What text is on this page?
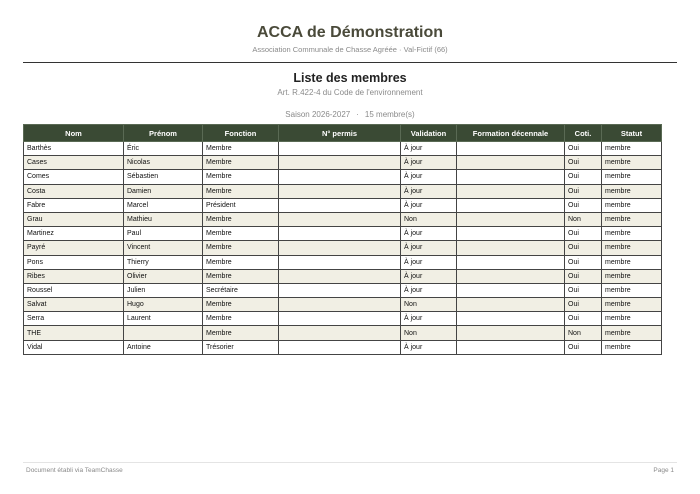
ACCA de Démonstration
Association Communale de Chasse Agréée · Val-Fictif (66)
Liste des membres
Art. R.422-4 du Code de l'environnement
Saison 2026-2027 · 15 membre(s)
Nom	Prénom	Fonction	N° permis	Validation	Formation décennale	Coti.	Statut
Barthès	Éric	Membre		À jour		Oui	membre
Cases	Nicolas	Membre		À jour		Oui	membre
Comes	Sébastien	Membre		À jour		Oui	membre
Costa	Damien	Membre		À jour		Oui	membre
Fabre	Marcel	Président		À jour		Oui	membre
Grau	Mathieu	Membre		Non		Non	membre
Martinez	Paul	Membre		À jour		Oui	membre
Payré	Vincent	Membre		À jour		Oui	membre
Pons	Thierry	Membre		À jour		Oui	membre
Ribes	Olivier	Membre		À jour		Oui	membre
Roussel	Julien	Secrétaire		À jour		Oui	membre
Salvat	Hugo	Membre		Non		Oui	membre
Serra	Laurent	Membre		À jour		Oui	membre
THE		Membre		Non		Non	membre
Vidal	Antoine	Trésorier		À jour		Oui	membre
Document établi via TeamChasse	Page 1
